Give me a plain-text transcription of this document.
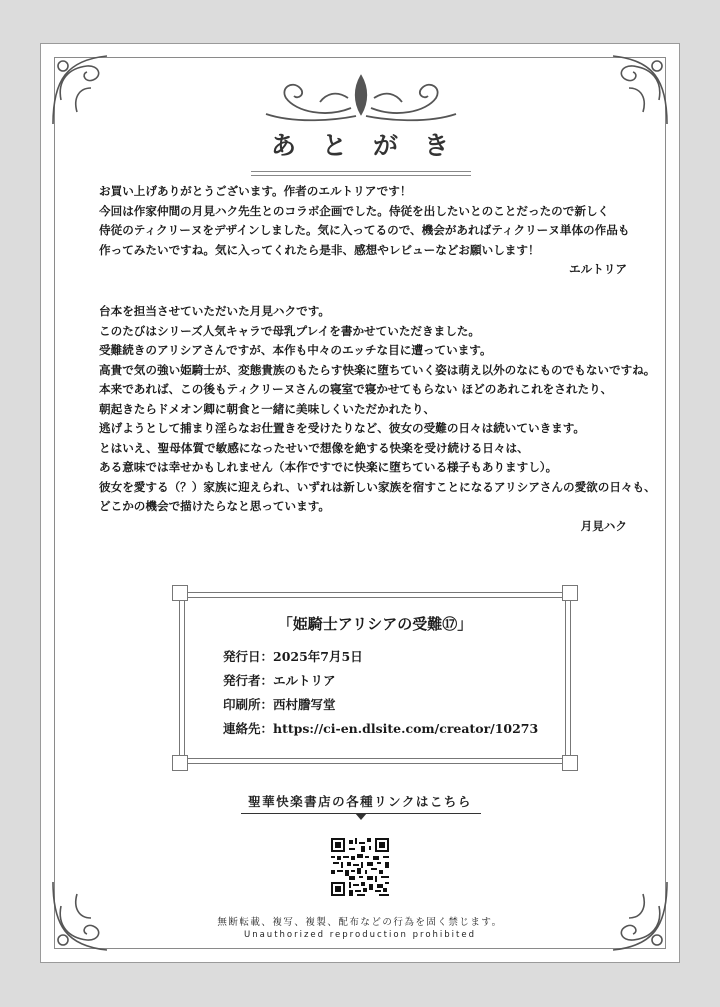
あとがき

お買い上げありがとうございます。作者のエルトリアです！

今回は作家仲間の月見ハク先生とのコラボ企画でした。侍従を出したいとのことだったので新しく

侍従のティクリーヌをデザインしました。気に入ってるので、機会があればティクリーヌ単体の作品も

作ってみたいですね。気に入ってくれたら是非、感想やレビューなどお願いします！

エルトリア

台本を担当させていただいた月見ハクです。

このたびはシリーズ人気キャラで母乳プレイを書かせていただきました。

受難続きのアリシアさんですが、本作も中々のエッチな目に遭っています。

高貴で気の強い姫騎士が、変態貴族のもたらす快楽に堕ちていく姿は萌え以外のなにものでもないですね。

本来であれば、この後もティクリーヌさんの寝室で寝かせてもらない ほどのあれこれをされたり、

朝起きたらドメオン卿に朝食と一緒に美味しくいただかれたり、

逃げようとして捕まり淫らなお仕置きを受けたりなど、彼女の受難の日々は続いていきます。

とはいえ、聖母体質で敏感になったせいで想像を絶する快楽を受け続ける日々は、

ある意味では幸せかもしれません（本作ですでに快楽に堕ちている様子もありますし）。

彼女を愛する（？）家族に迎えられ、いずれは新しい家族を宿すことになるアリシアさんの愛欲の日々も、

どこかの機会で描けたらなと思っています。

月見ハク

「姫騎士アリシアの受難⑰」
発行日：2025年7月5日
発行者：エルトリア
印刷所：西村謄写堂
連絡先：https://ci-en.dlsite.com/creator/10273
聖華快楽書店の各種リンクはこちら
無断転載、複写、複製、配布などの行為を固く禁じます。
Unauthorized reproduction prohibited
